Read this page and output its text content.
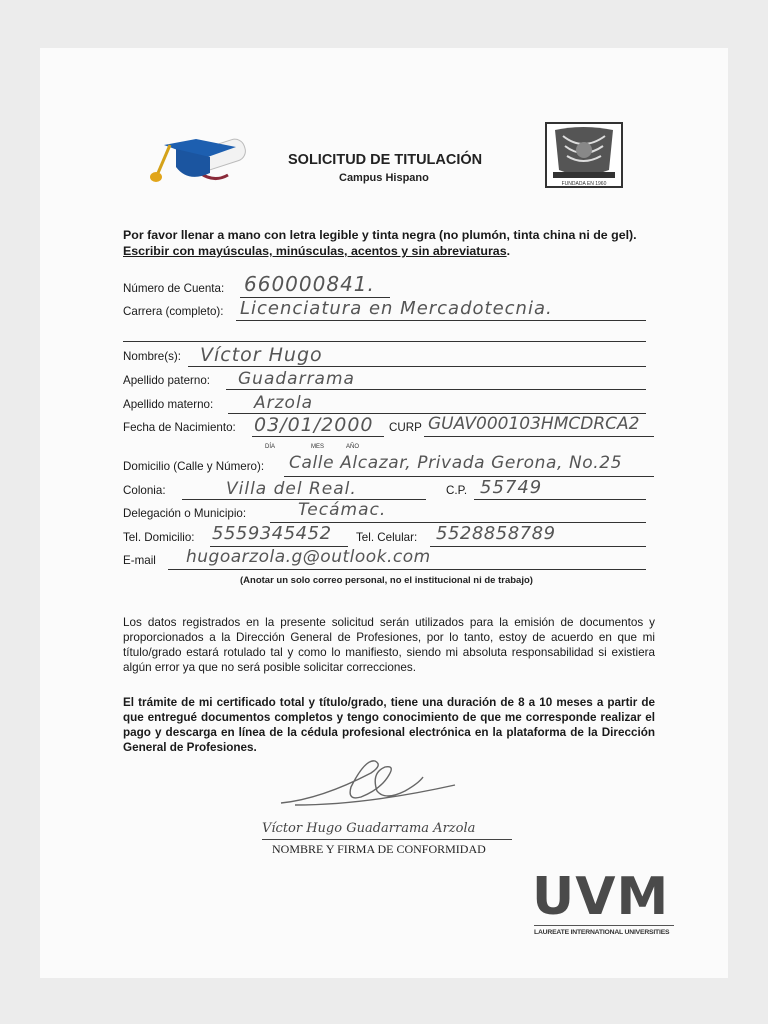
SOLICITUD DE TITULACIÓN
Campus Hispano	FUNDADA EN 1960
Por favor llenar a mano con letra legible y tinta negra (no plumón, tinta china ni de gel). Escribir con mayúsculas, minúsculas, acentos y sin abreviaturas.
Número de Cuenta: 660000841.
Carrera (completo): Licenciatura en Mercadotecnia.
Nombre(s): Víctor Hugo
Apellido paterno: Guadarrama
Apellido materno: Arzola
Fecha de Nacimiento: 03/01/2000 CURP GUAV000103HMCDRCA2
DÍA	MES	AÑO
Domicilio (Calle y Número): Calle Alcazar, Privada Gerona, No.25
Colonia:	Villa del Real.	C.P. 55749
Delegación o Municipio:	Tecámac.
Tel. Domicilio: 5559345452 Tel. Celular: 5528858789
E-mail hugoarzola.g@outlook.com
(Anotar un solo correo personal, no el institucional ni de trabajo)
Los datos registrados en la presente solicitud serán utilizados para la emisión de documentos y proporcionados a la Dirección General de Profesiones, por lo tanto, estoy de acuerdo en que mi título/grado estará rotulado tal y como lo manifiesto, siendo mi absoluta responsabilidad si existiera algún error ya que no será posible solicitar correcciones.
El trámite de mi certificado total y título/grado, tiene una duración de 8 a 10 meses a partir de que entregué documentos completos y tengo conocimiento de que me corresponde realizar el pago y descarga en línea de la cédula profesional electrónica en la plataforma de la Dirección General de Profesiones.
Víctor Hugo Guadarrama Arzola
NOMBRE Y FIRMA DE CONFORMIDAD
UVM
LAUREATE INTERNATIONAL UNIVERSITIES
